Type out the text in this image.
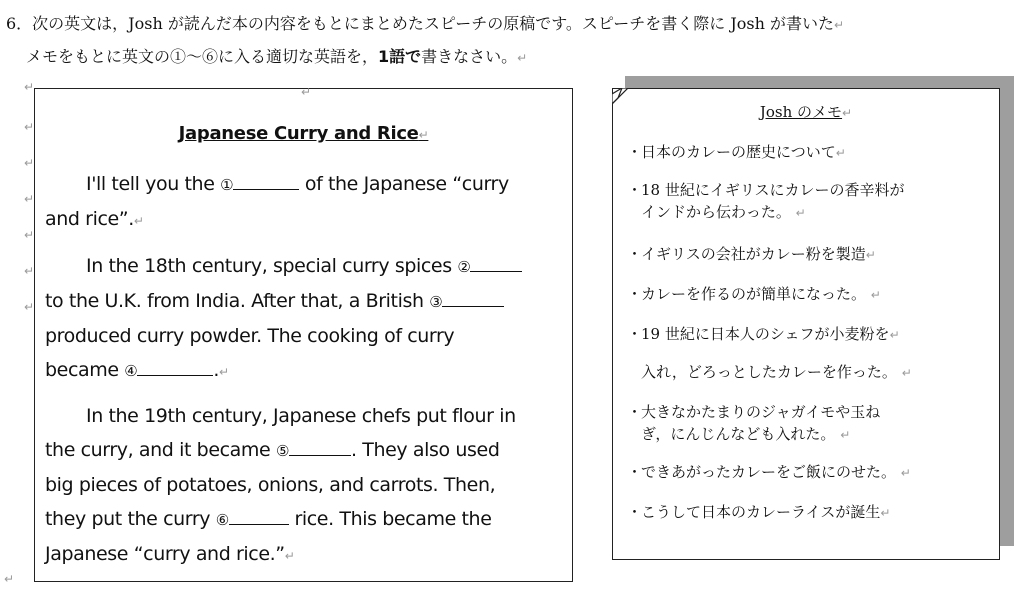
6．次の英文は，Josh が読んだ本の内容をもとにまとめたスピーチの原稿です。スピーチを書く際に Josh が書いた↵
メモをもとに英文の①～⑥に入る適切な英語を，1語で書きなさい。↵
↵
↵
↵
↵
↵
↵
↵
↵
↵
Japanese Curry and Rice↵
I'll tell you the ①	of the Japanese “curry
and rice”.↵
In the 18th century, special curry spices ②
to the U.K. from India. After that, a British ③
produced curry powder. The cooking of curry
became ④	.↵
In the 19th century, Japanese chefs put flour in
the curry, and it became ⑤	. They also used
big pieces of potatoes, onions, and carrots. Then,
they put the curry ⑥	rice. This became the
Japanese “curry and rice.”↵
Josh のメモ↵
・日本のカレーの歴史について↵
・18 世紀にイギリスにカレーの香辛料が
インドから伝わった。 ↵
・イギリスの会社がカレー粉を製造↵
・カレーを作るのが簡単になった。 ↵
・19 世紀に日本人のシェフが小麦粉を↵
入れ，どろっとしたカレーを作った。 ↵
・大きなかたまりのジャガイモや玉ね
ぎ，にんじんなども入れた。 ↵
・できあがったカレーをご飯にのせた。 ↵
・こうして日本のカレーライスが誕生↵
